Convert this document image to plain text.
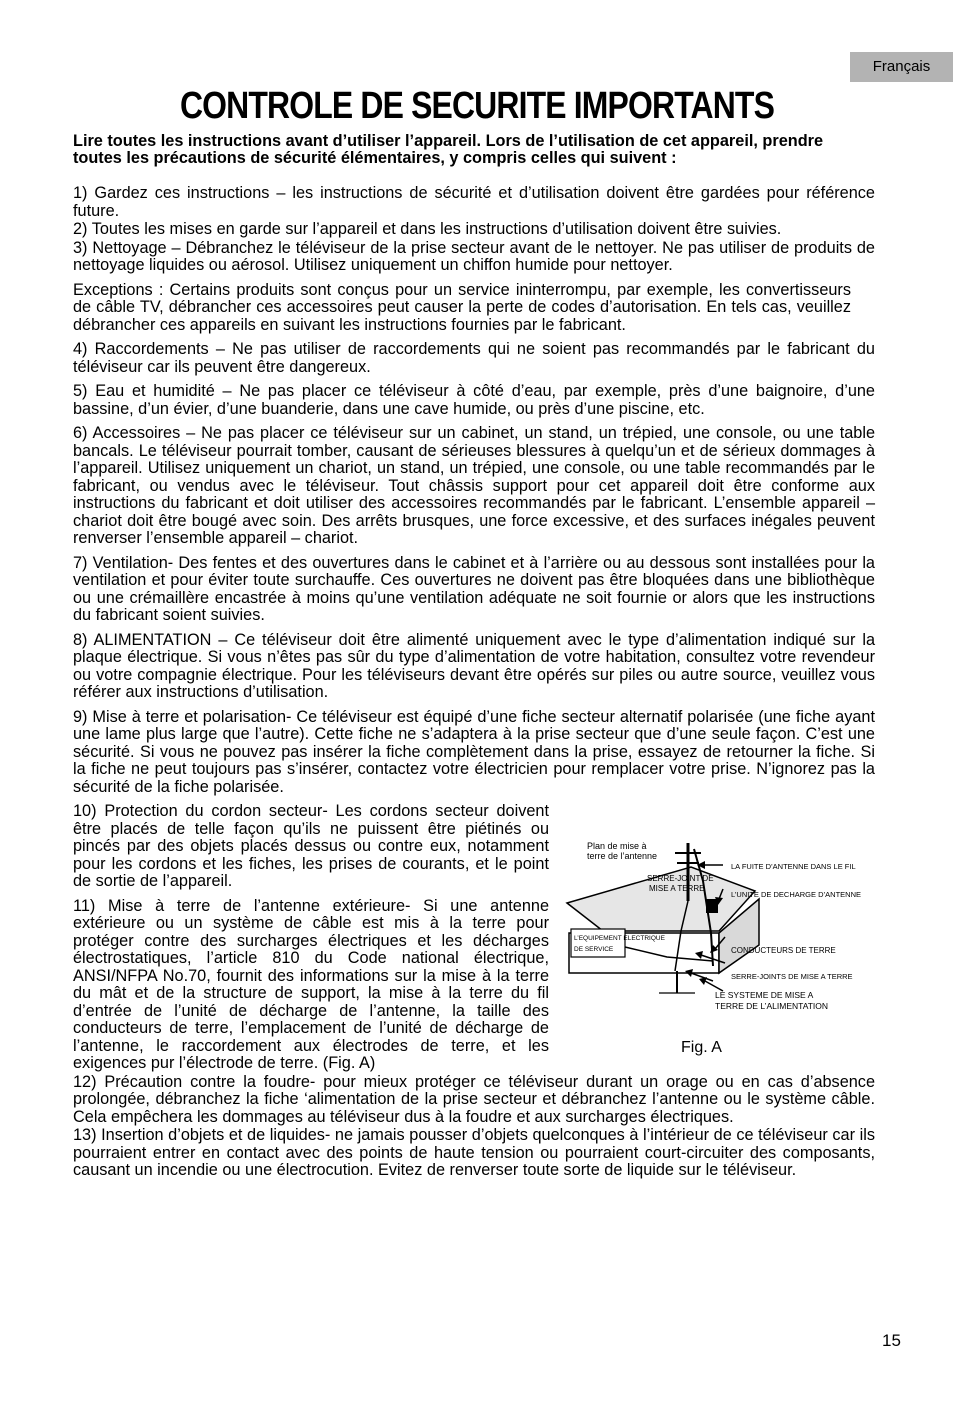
Français
CONTROLE DE SECURITE IMPORTANTS

Lire toutes les instructions avant d’utiliser l’appareil. Lors de l’utilisation de cet appareil, prendre toutes les précautions de sécurité élémentaires, y compris celles qui suivent :

1) Gardez ces instructions – les instructions de sécurité et d’utilisation doivent être gardées pour référence future.

2) Toutes les mises en garde sur l’appareil et dans les instructions d’utilisation doivent être suivies.

3) Nettoyage – Débranchez le téléviseur de la prise secteur avant de le nettoyer. Ne pas utiliser de produits de nettoyage liquides ou aérosol. Utilisez uniquement un chiffon humide pour nettoyer.

Exceptions : Certains produits sont conçus pour un service ininterrompu, par exemple, les convertisseurs de câble TV, débrancher ces accessoires peut causer la perte de codes d’autorisation. En tels cas, veuillez débrancher ces appareils en suivant les instructions fournies par le fabricant.

4) Raccordements – Ne pas utiliser de raccordements qui ne soient pas recommandés par le fabricant du téléviseur car ils peuvent être dangereux.

5) Eau et humidité – Ne pas placer ce téléviseur à côté d’eau, par exemple, près d’une baignoire, d’une bassine, d’un évier, d’une buanderie, dans une cave humide, ou près d’une piscine, etc.

6) Accessoires – Ne pas placer ce téléviseur sur un cabinet, un stand, un trépied, une console, ou une table bancals. Le téléviseur pourrait tomber, causant de sérieuses blessures à quelqu’un et de sérieux dommages à l’appareil. Utilisez uniquement un chariot, un stand, un trépied, une console, ou une table recommandés par le fabricant, ou vendus avec le téléviseur. Tout châssis support pour cet appareil doit être conforme aux instructions du fabricant et doit utiliser des accessoires recommandés par le fabricant. L’ensemble appareil – chariot doit être bougé avec soin. Des arrêts brusques, une force excessive, et des surfaces inégales peuvent renverser l’ensemble appareil – chariot.

7) Ventilation- Des fentes et des ouvertures dans le cabinet et à l’arrière ou au dessous sont installées pour la ventilation et pour éviter toute surchauffe. Ces ouvertures ne doivent pas être bloquées dans une bibliothèque ou une crémaillère encastrée à moins qu’une ventilation adéquate ne soit fournie or alors que les instructions du fabricant soient suivies.

8) ALIMENTATION – Ce téléviseur doit être alimenté uniquement avec le type d’alimentation indiqué sur la plaque électrique. Si vous n’êtes pas sûr du type d’alimentation de votre habitation, consultez votre revendeur ou votre compagnie électrique. Pour les téléviseurs devant être opérés sur piles ou autre source, veuillez vous référer aux instructions d’utilisation.

9) Mise à terre et polarisation- Ce téléviseur est équipé d’une fiche secteur alternatif polarisée (une fiche ayant une lame plus large que l’autre). Cette fiche ne s’adaptera à la prise secteur que d’une seule façon. C’est une sécurité. Si vous ne pouvez pas insérer la fiche complètement dans la prise, essayez de retourner la fiche. Si la fiche ne peut toujours pas s’insérer, contactez votre électricien pour remplacer votre prise. N’ignorez pas la sécurité de la fiche polarisée.

Plan de mise à
terre de l’antenne
LA FUITE D’ANTENNE DANS LE FIL
SERRE-JOINT DE
MISE A TERRE
L’UNITE DE DECHARGE D’ANTENNE
L’EQUIPEMENT ELECTRIQUE
DE SERVICE	CONDUCTEURS DE TERRE
SERRE-JOINTS DE MISE A TERRE
LE SYSTEME DE MISE A
TERRE DE L’ALIMENTATION
Fig. A

10) Protection du cordon secteur- Les cordons secteur doivent être placés de telle façon qu’ils ne puissent être piétinés ou pincés par des objets placés dessus ou contre eux, notamment pour les cordons et les fiches, les prises de courants, et le point de sortie de l’appareil.

11) Mise à terre de l’antenne extérieure- Si une antenne extérieure ou un système de câble est mis à la terre pour protéger contre des surcharges électriques et les décharges électrostatiques, l’article 810 du Code national électrique, ANSI/NFPA No.70, fournit des informations sur la mise à la terre du mât et de la structure de support, la mise à la terre du fil d’entrée de l’unité de décharge de l’antenne, la taille des conducteurs de terre, l’emplacement de l’unité de décharge de l’antenne, le raccordement aux électrodes de terre, et les exigences pur l’électrode de terre. (Fig. A)

12) Précaution contre la foudre- pour mieux protéger ce téléviseur durant un orage ou en cas d’absence prolongée, débranchez la fiche ‘alimentation de la prise secteur et débranchez l’antenne ou le système câble. Cela empêchera les dommages au téléviseur dus à la foudre et aux surcharges électriques.

13) Insertion d’objets et de liquides- ne jamais pousser d’objets quelconques à l’intérieur de ce téléviseur car ils pourraient entrer en contact avec des points de haute tension ou pourraient court-circuiter des composants, causant un incendie ou une électrocution. Evitez de renverser toute sorte de liquide sur le téléviseur.

15
